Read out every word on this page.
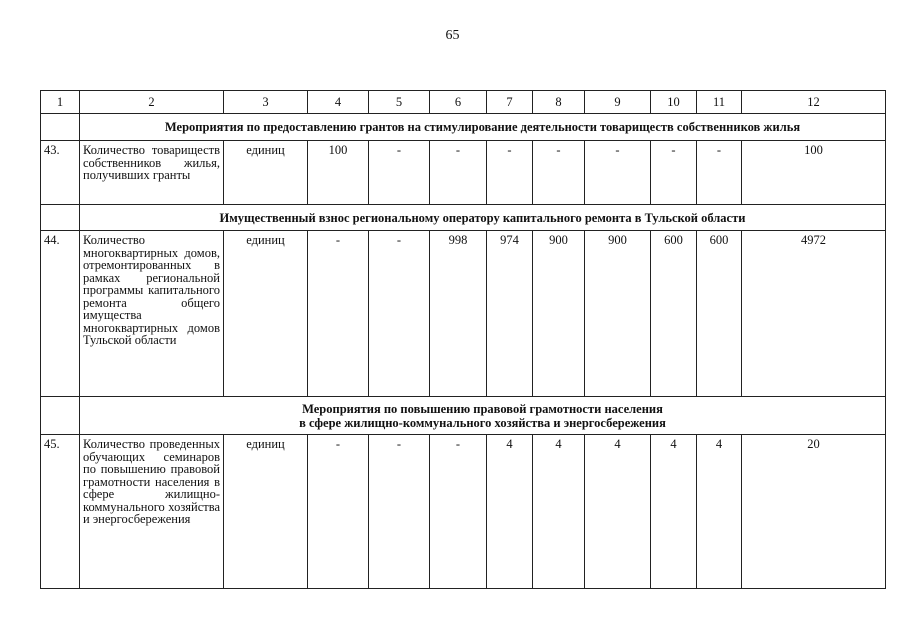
65
1	2	3	4	5	6	7	8	9	10	11	12
	Мероприятия по предоставлению грантов на стимулирование деятельности товариществ собственников жилья										
43.	Количество товариществ собственников жилья, получивших гранты	единиц	100	-	-	-	-	-	-	-	100
	Имущественный взнос региональному оператору капитального ремонта в Тульской области										
44.	Количество многоквартирных домов, отремонтированных в рамках региональной программы капитального ремонта общего имущества многоквартирных домов Тульской области	единиц	-	-	998	974	900	900	600	600	4972

	Мероприятия по повышению правовой грамотности населения
в сфере жилищно-коммунального хозяйства и энергосбережения										

45.	Количество проведенных обучающих семинаров по повышению правовой грамотности населения в сфере жилищно-коммунального хозяйства и энергосбережения	единиц	-	-	-	4	4	4	4	4	20
